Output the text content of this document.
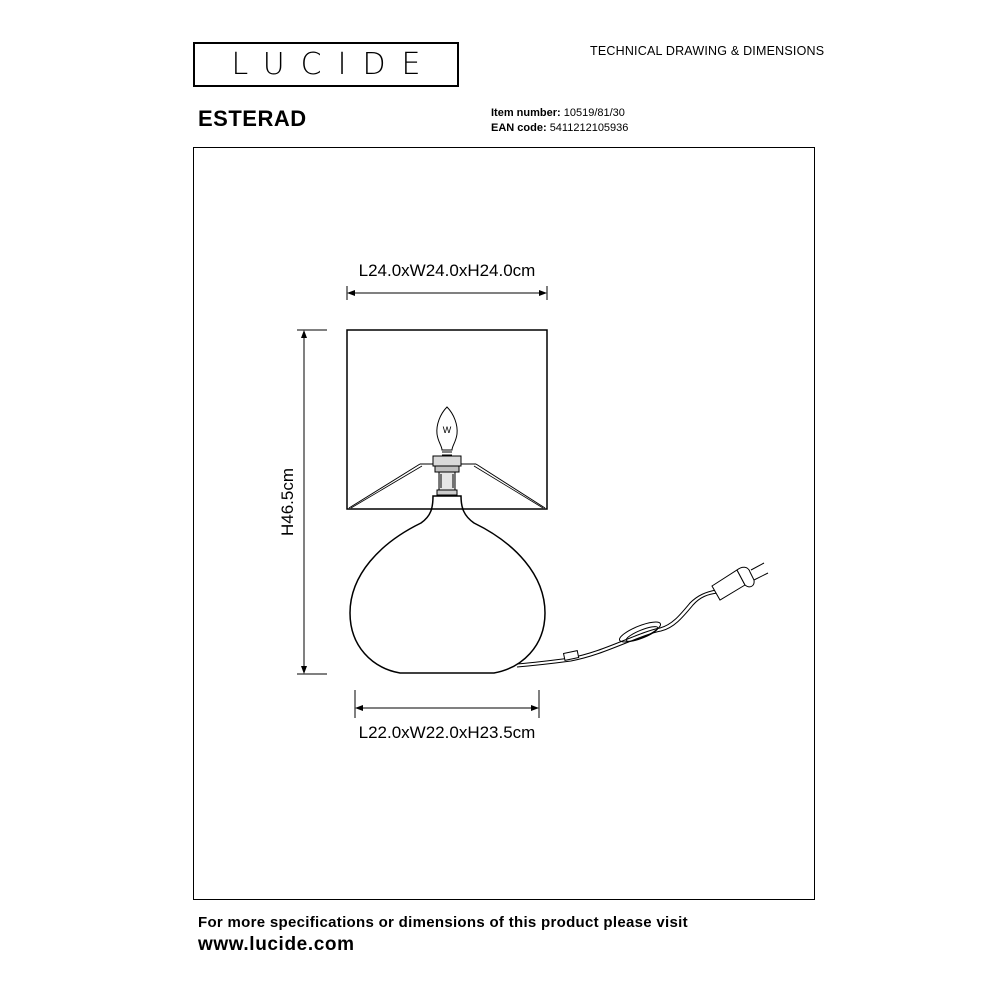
LUCIDE	TECHNICAL DRAWING & DIMENSIONS
ESTERAD	Item number: 10519/81/30
EAN code: 5411212105936
L24.0xW24.0xH24.0cm
H46.5cm
W
L22.0xW22.0xH23.5cm
For more specifications or dimensions of this product please visit
www.lucide.com
